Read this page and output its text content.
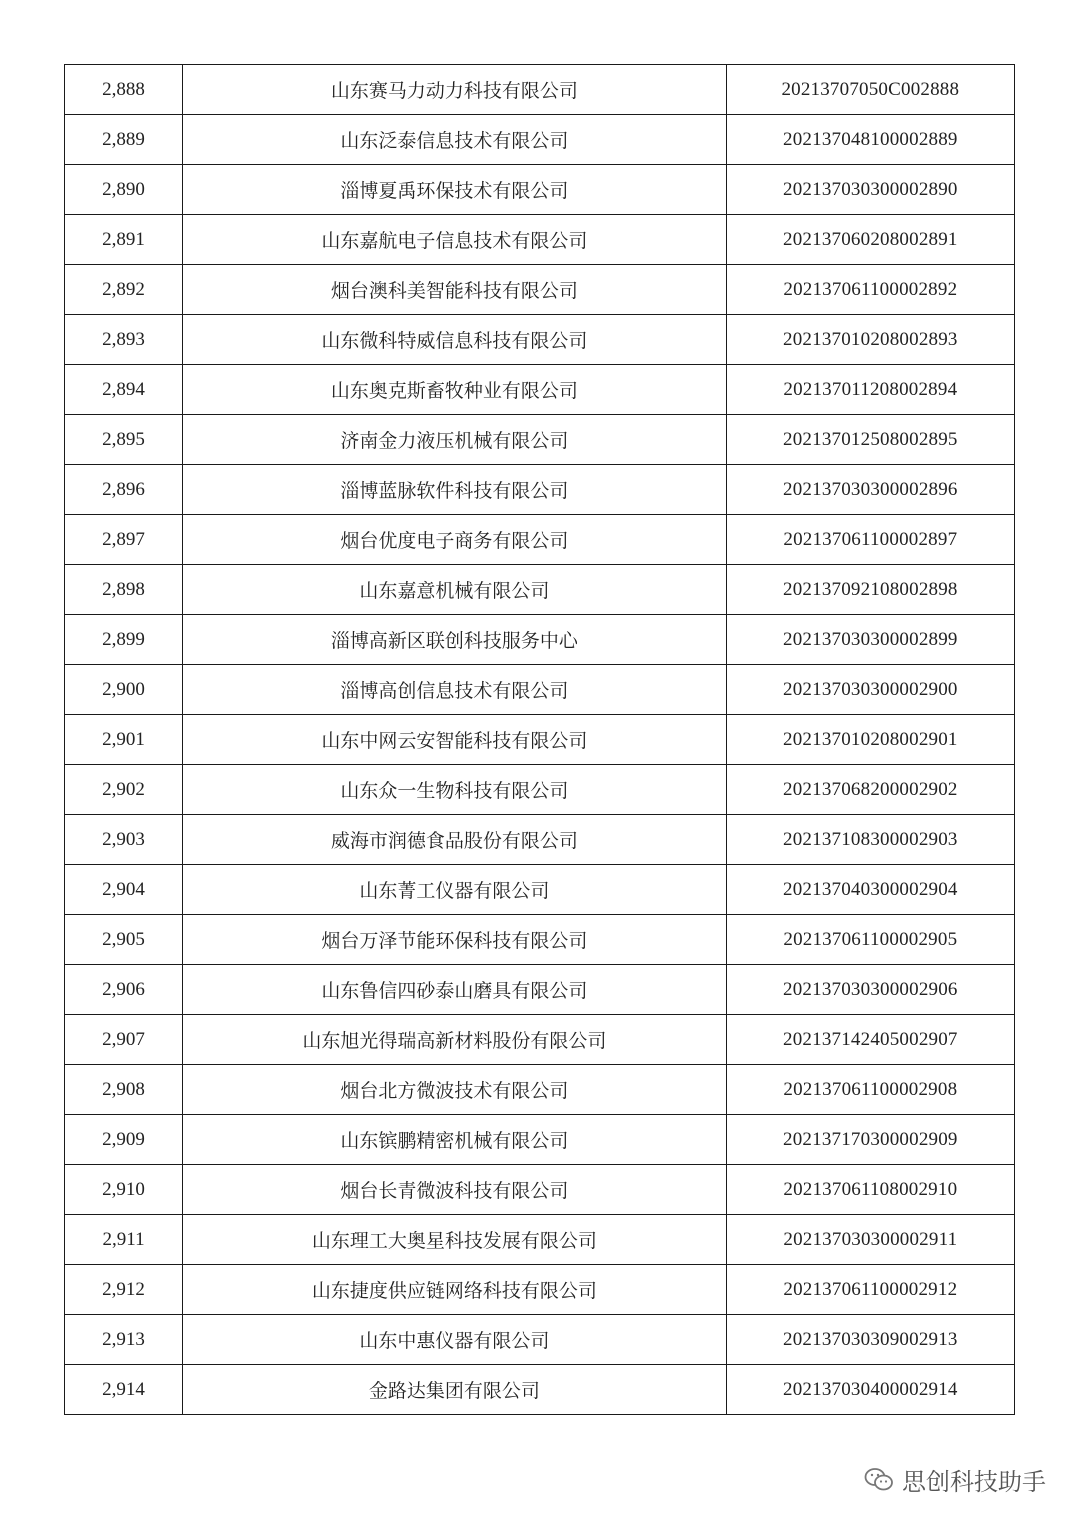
2,888	山东赛马力动力科技有限公司	20213707050C002888
2,889	山东泛泰信息技术有限公司	202137048100002889
2,890	淄博夏禹环保技术有限公司	202137030300002890
2,891	山东嘉航电子信息技术有限公司	202137060208002891
2,892	烟台澳科美智能科技有限公司	202137061100002892
2,893	山东微科特威信息科技有限公司	202137010208002893
2,894	山东奥克斯畜牧种业有限公司	202137011208002894
2,895	济南金力液压机械有限公司	202137012508002895
2,896	淄博蓝脉软件科技有限公司	202137030300002896
2,897	烟台优度电子商务有限公司	202137061100002897
2,898	山东嘉意机械有限公司	202137092108002898
2,899	淄博高新区联创科技服务中心	202137030300002899
2,900	淄博高创信息技术有限公司	202137030300002900
2,901	山东中网云安智能科技有限公司	202137010208002901
2,902	山东众一生物科技有限公司	202137068200002902
2,903	威海市润德食品股份有限公司	202137108300002903
2,904	山东菁工仪器有限公司	202137040300002904
2,905	烟台万泽节能环保科技有限公司	202137061100002905
2,906	山东鲁信四砂泰山磨具有限公司	202137030300002906
2,907	山东旭光得瑞高新材料股份有限公司	202137142405002907
2,908	烟台北方微波技术有限公司	202137061100002908
2,909	山东镔鹏精密机械有限公司	202137170300002909
2,910	烟台长青微波科技有限公司	202137061108002910
2,911	山东理工大奥星科技发展有限公司	202137030300002911
2,912	山东捷度供应链网络科技有限公司	202137061100002912
2,913	山东中惠仪器有限公司	202137030309002913
2,914	金路达集团有限公司	202137030400002914
思创科技助手
